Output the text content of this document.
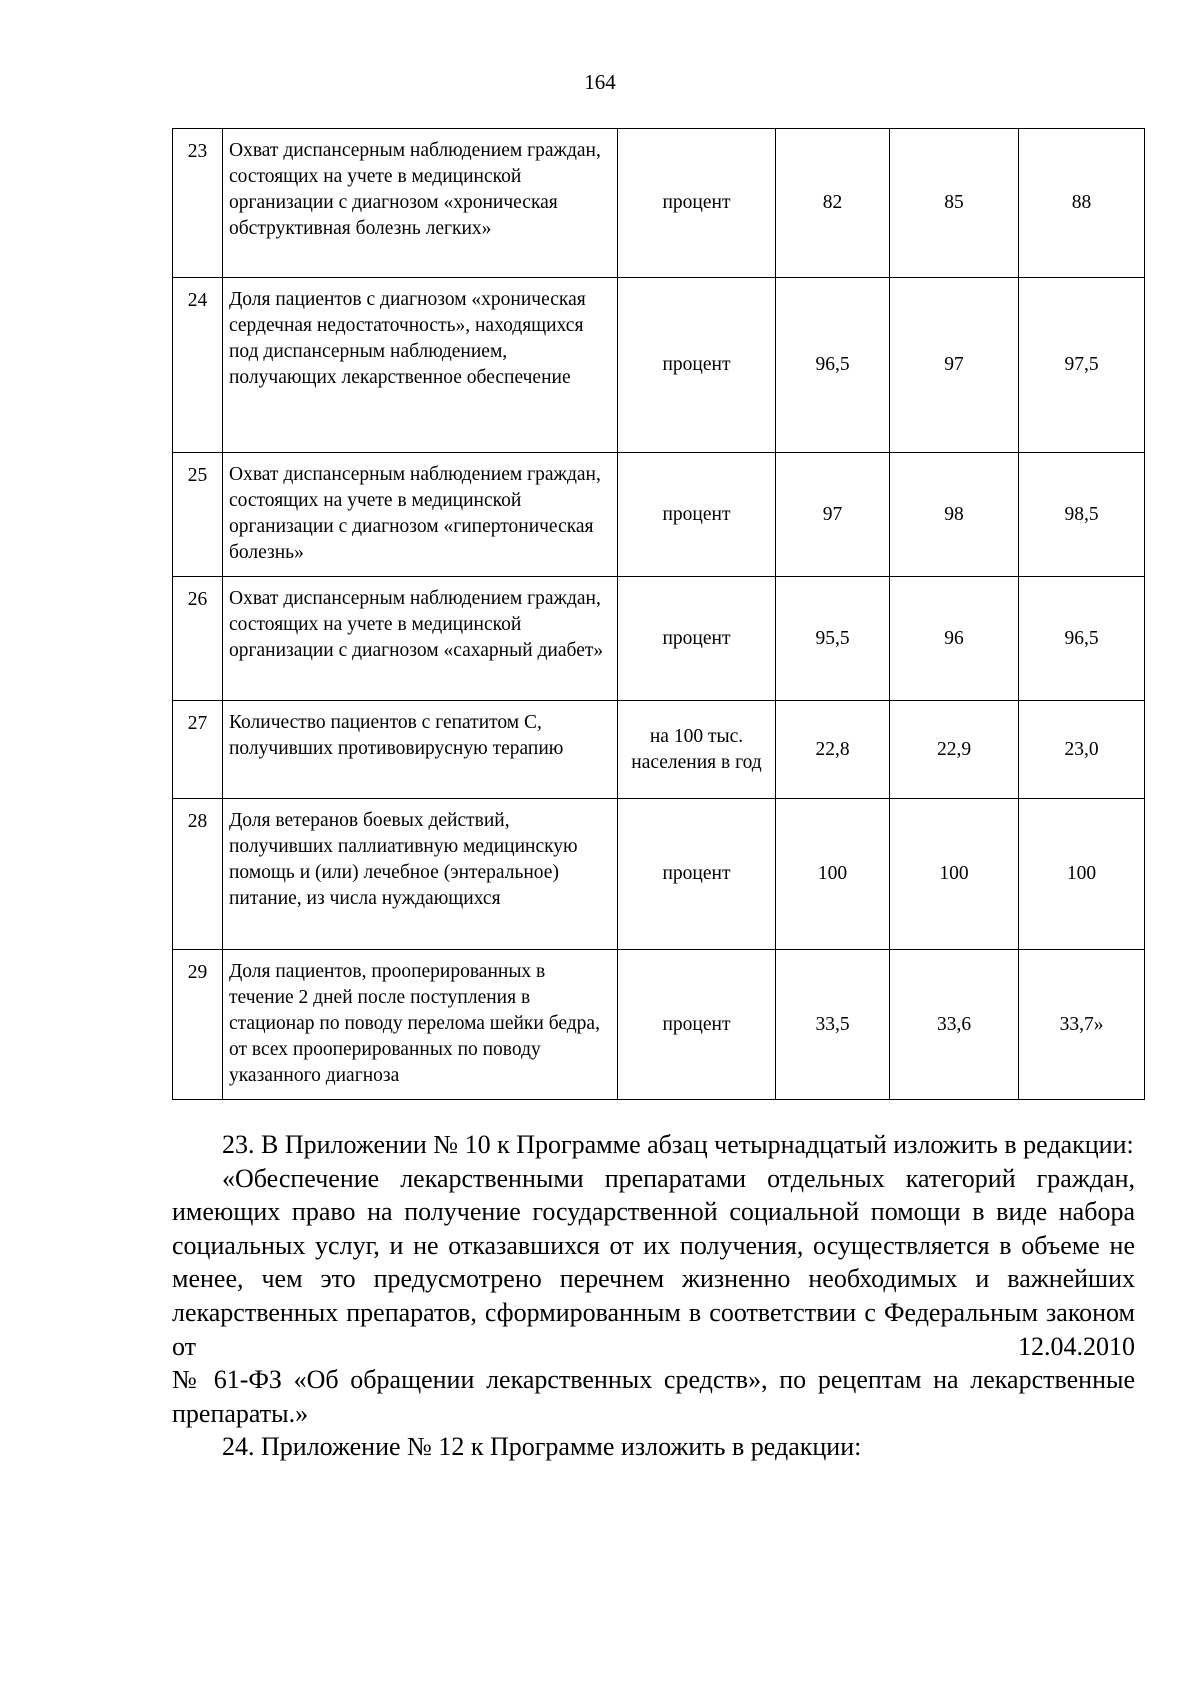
164
23	Охват диспансерным наблюдением граждан, состоящих на учете в медицинской организации с диагнозом «хроническая обструктивная болезнь легких»	процент	82	85	88
24	Доля пациентов с диагнозом «хроническая сердечная недостаточность», находящихся под диспансерным наблюдением, получающих лекарственное обеспечение	процент	96,5	97	97,5
25	Охват диспансерным наблюдением граждан, состоящих на учете в медицинской организации с диагнозом «гипертоническая болезнь»	процент	97	98	98,5
26	Охват диспансерным наблюдением граждан, состоящих на учете в медицинской организации с диагнозом «сахарный диабет»	процент	95,5	96	96,5
27	Количество пациентов с гепатитом С, получивших противовирусную терапию	на 100 тыс. населения в год	22,8	22,9	23,0
28	Доля ветеранов боевых действий, получивших паллиативную медицинскую помощь и (или) лечебное (энтеральное) питание, из числа нуждающихся	процент	100	100	100
29	Доля пациентов, прооперированных в течение 2 дней после поступления в стационар по поводу перелома шейки бедра, от всех прооперированных по поводу указанного диагноза	процент	33,5	33,6	33,7»

23. В Приложении № 10 к Программе абзац четырнадцатый изложить в редакции:

«Обеспечение лекарственными препаратами отдельных категорий граждан, имеющих право на получение государственной социальной помощи в виде набора социальных услуг, и не отказавшихся от их получения, осуществляется в объеме не менее, чем это предусмотрено перечнем жизненно необходимых и важнейших лекарственных препаратов, сформированным в соответствии с Федеральным законом от 12.04.2010

№ 61-ФЗ «Об обращении лекарственных средств», по рецептам на лекарственные препараты.»

24. Приложение № 12 к Программе изложить в редакции:
